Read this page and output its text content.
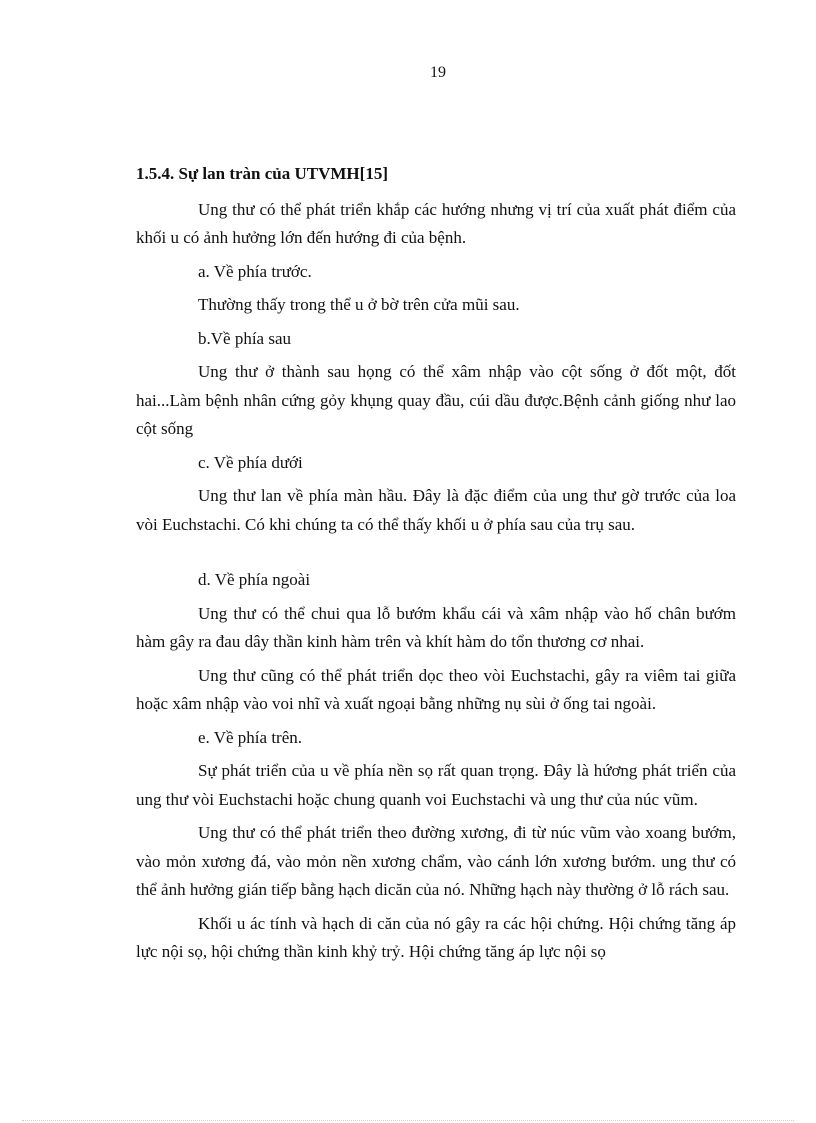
19
1.5.4. Sự lan tràn của UTVMH[15]
Ung thư có thể phát triển khắp các hướng nhưng vị trí của xuất phát điểm của khối u có ảnh hưởng lớn đến hướng đi của bệnh.
a. Về phía trước.
Thường thấy trong thể u ở bờ trên cửa mũi sau.
b.Về phía sau
Ung thư ở thành sau họng có thể xâm nhập vào cột sống ở đốt một, đốt hai...Làm bệnh nhân cứng gỏy khụng quay đầu, cúi dầu được.Bệnh cảnh giống như lao cột sống
c. Về phía dưới
Ung thư lan về phía màn hầu. Đây là đặc điểm của ung thư gờ trước của loa vòi Euchstachi. Có khi chúng ta có thể thấy khối u ở phía sau của trụ sau.
d. Về phía ngoài
Ung thư có thể chui qua lỗ bướm khẩu cái và xâm nhập vào hố chân bướm hàm gây ra đau dây thần kinh hàm trên và khít hàm do tổn thương cơ nhai.
Ung thư cũng có thể phát triển dọc theo vòi Euchstachi, gây ra viêm tai giữa hoặc xâm nhập vào voi nhĩ và xuất ngoại bằng những nụ sùi ở ống tai ngoài.
e. Về phía trên.
Sự phát triển của u về phía nền sọ rất quan trọng. Đây là hứơng phát triển của ung thư vòi Euchstachi hoặc chung quanh voi Euchstachi và ung thư của núc vũm.
Ung thư có thể phát triển theo đường xương, đi từ núc vũm vào xoang bướm, vào mỏn xương đá, vào mỏn nền xương chẩm, vào cánh lớn xương bướm. ung thư có thể ảnh hưởng gián tiếp bằng hạch dicăn của nó. Những hạch này thường ở lỗ rách sau.
Khối u ác tính và hạch di căn của nó gây ra các hội chứng. Hội chứng tăng áp lực nội sọ, hội chứng thần kinh khỷ trỷ. Hội chứng tăng áp lực nội sọ
